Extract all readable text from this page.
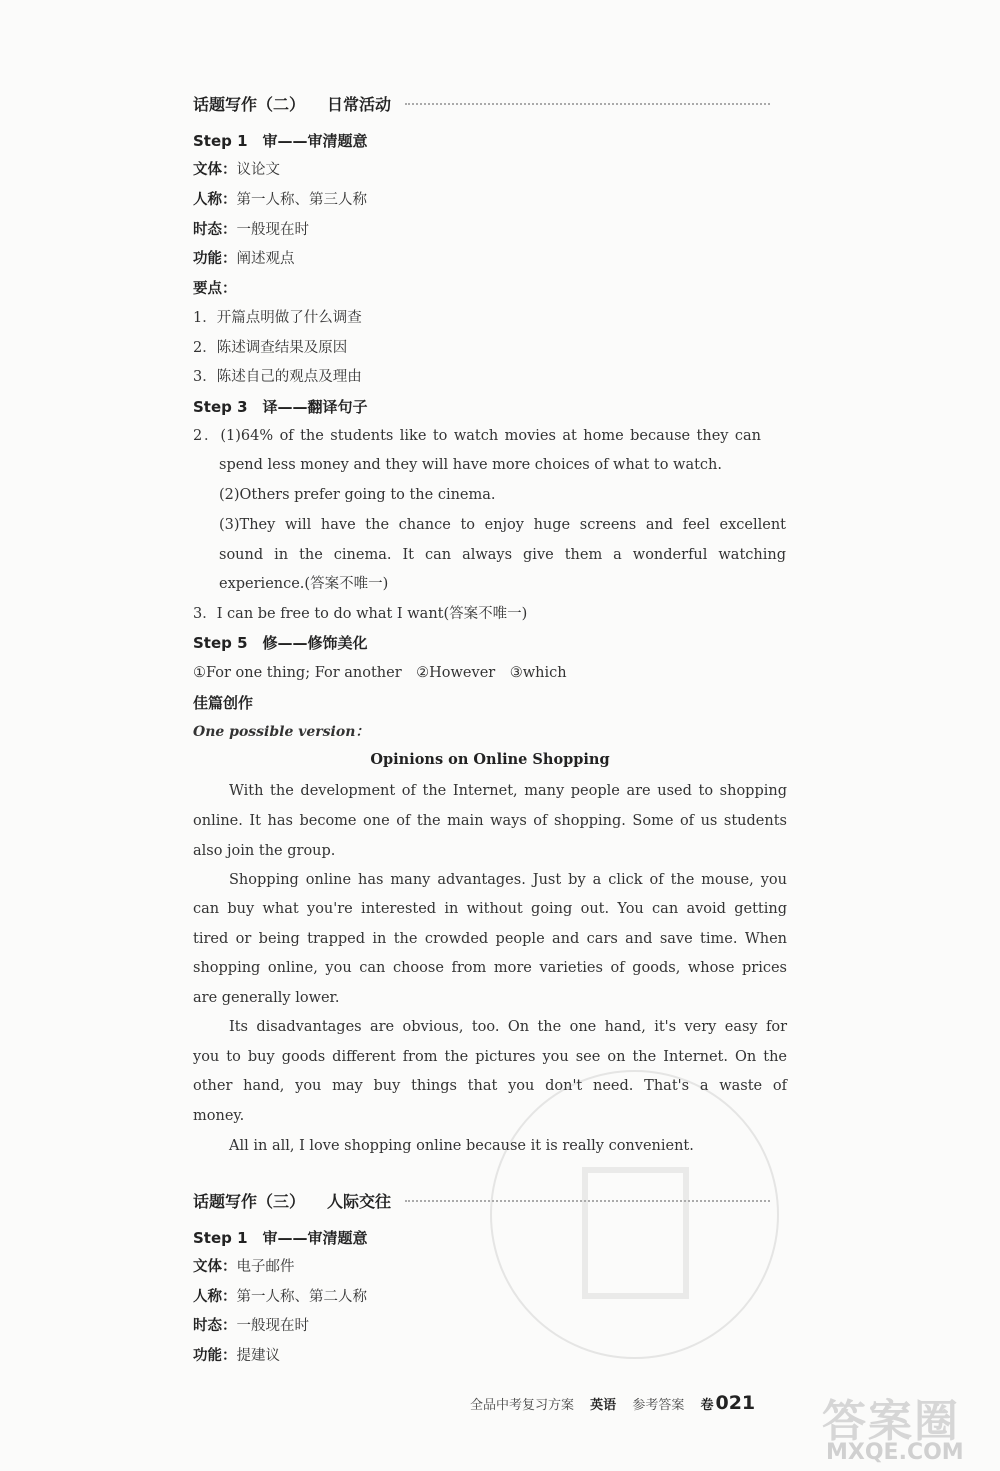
话题写作（二） 日常活动
Step 1　审——审清题意
文体：议论文
人称：第一人称、第三人称
时态：一般现在时
功能：阐述观点
要点：
1．开篇点明做了什么调查
2．陈述调查结果及原因
3．陈述自己的观点及理由
Step 3　译——翻译句子
2．(1)64% of the students like to watch movies at home because they can
spend less money and they will have more choices of what to watch.
(2)Others prefer going to the cinema.
(3)They will have the chance to enjoy huge screens and feel excellent
sound in the cinema. It can always give them a wonderful watching
experience.(答案不唯一)
3．I can be free to do what I want(答案不唯一)
Step 5　修——修饰美化
①For one thing; For another　②However　③which
佳篇创作
One possible version：
Opinions on Online Shopping
With the development of the Internet, many people are used to shopping
online. It has become one of the main ways of shopping. Some of us students
also join the group.
Shopping online has many advantages. Just by a click of the mouse, you
can buy what you're interested in without going out. You can avoid getting
tired or being trapped in the crowded people and cars and save time. When
shopping online, you can choose from more varieties of goods, whose prices
are generally lower.
Its disadvantages are obvious, too. On the one hand, it's very easy for
you to buy goods different from the pictures you see on the Internet. On the
other hand, you may buy things that you don't need. That's a waste of
money.
All in all, I love shopping online because it is really convenient.
话题写作（三） 人际交往
Step 1　审——审清题意
文体：电子邮件
人称：第一人称、第二人称
时态：一般现在时
功能：提建议
全品中考复习方案 英语 参考答案 卷 021 答案圈
MXQE.COM
